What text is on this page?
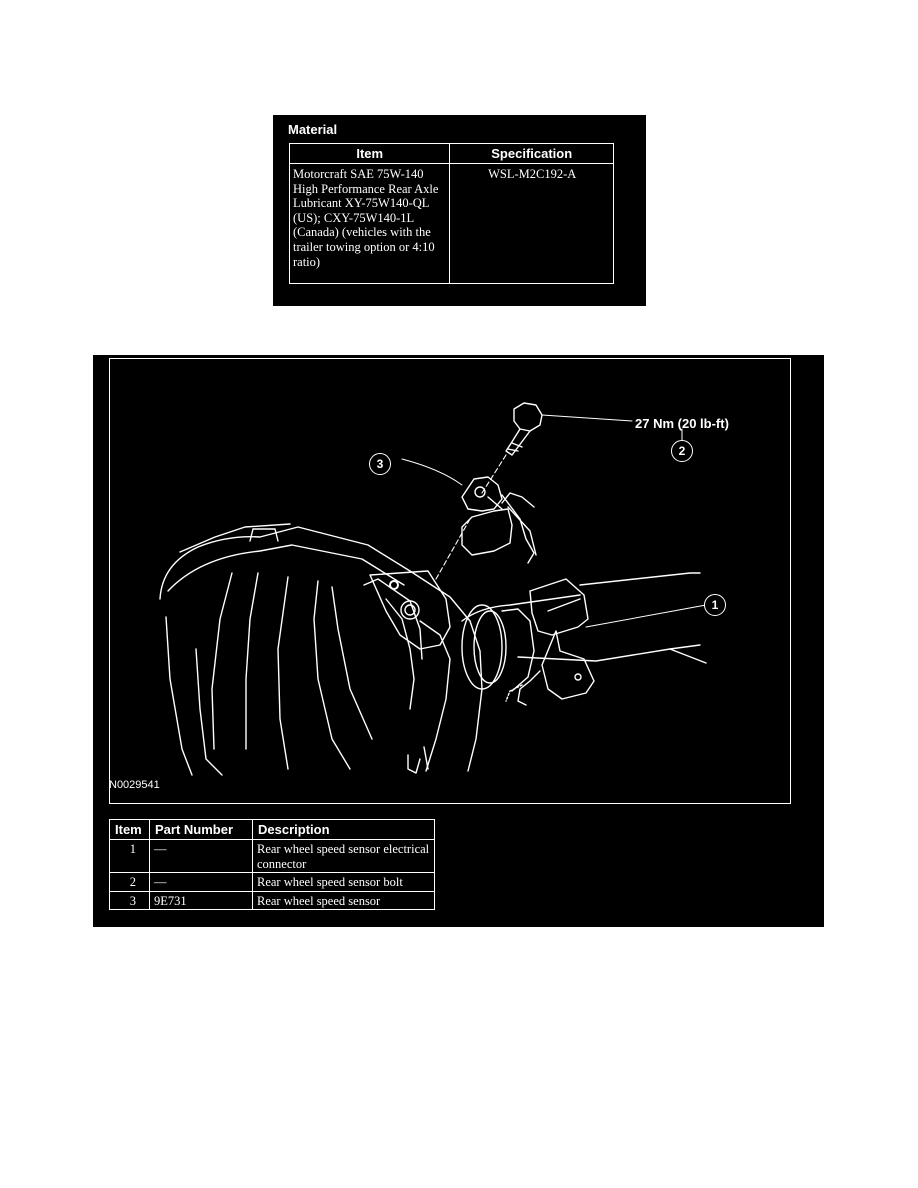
Material
Item	Specification
Motorcraft SAE 75W-140 High Performance Rear Axle Lubricant XY-75W140-QL (US); CXY-75W140-1L (Canada) (vehicles with the trailer towing option or 4:10 ratio)	WSL-M2C192-A
27 Nm (20 lb-ft)
2
3
1
N0029541
Item	Part Number	Description
1	—	Rear wheel speed sensor electrical connector
2	—	Rear wheel speed sensor bolt
3	9E731	Rear wheel speed sensor
